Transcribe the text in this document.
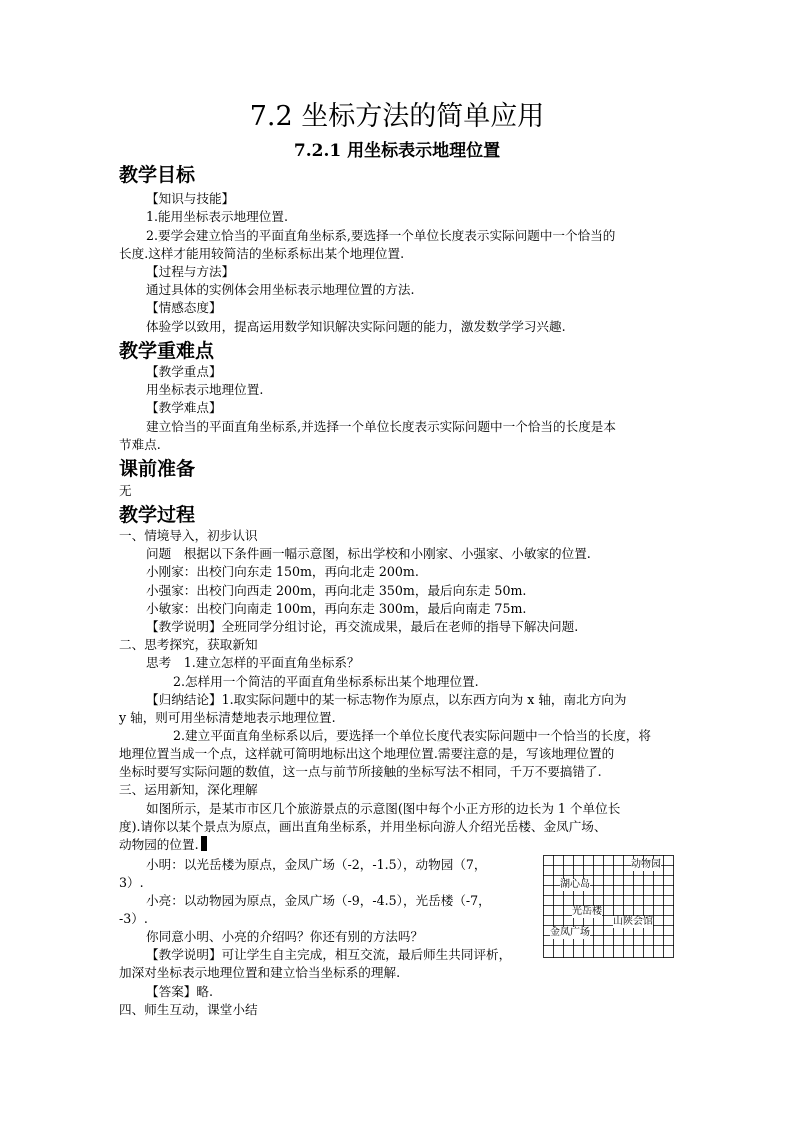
7.2 坐标方法的简单应用
7.2.1 用坐标表示地理位置
教学目标
【知识与技能】
1.能用坐标表示地理位置.
2.要学会建立恰当的平面直角坐标系,要选择一个单位长度表示实际问题中一个恰当的
长度.这样才能用较简洁的坐标系标出某个地理位置.
【过程与方法】
通过具体的实例体会用坐标表示地理位置的方法.
【情感态度】
体验学以致用，提高运用数学知识解决实际问题的能力，激发数学学习兴趣.
教学重难点
【教学重点】
用坐标表示地理位置.
【教学难点】
建立恰当的平面直角坐标系,并选择一个单位长度表示实际问题中一个恰当的长度是本
节难点.
课前准备
无
教学过程
一、情境导入，初步认识
问题　根据以下条件画一幅示意图，标出学校和小刚家、小强家、小敏家的位置.
小刚家：出校门向东走 150m，再向北走 200m.
小强家：出校门向西走 200m，再向北走 350m，最后向东走 50m.
小敏家：出校门向南走 100m，再向东走 300m，最后向南走 75m.
【教学说明】全班同学分组讨论，再交流成果，最后在老师的指导下解决问题.
二、思考探究，获取新知
思考　1.建立怎样的平面直角坐标系？
2.怎样用一个简洁的平面直角坐标系标出某个地理位置.
【归纳结论】1.取实际问题中的某一标志物作为原点，以东西方向为 x 轴，南北方向为
y 轴，则可用坐标清楚地表示地理位置.
2.建立平面直角坐标系以后，要选择一个单位长度代表实际问题中一个恰当的长度，将
地理位置当成一个点，这样就可简明地标出这个地理位置.需要注意的是，写该地理位置的
坐标时要写实际问题的数值，这一点与前节所接触的坐标写法不相同，千万不要搞错了.
三、运用新知，深化理解
如图所示，是某市市区几个旅游景点的示意图(图中每个小正方形的边长为 1 个单位长
度).请你以某个景点为原点，画出直角坐标系，并用坐标向游人介绍光岳楼、金凤广场、
动物园的位置.
小明：以光岳楼为原点，金凤广场（-2，-1.5），动物园（7，
3）.
小亮：以动物园为原点，金凤广场（-9，-4.5），光岳楼（-7，
-3）.
你同意小明、小亮的介绍吗？你还有别的方法吗？
【教学说明】可让学生自主完成，相互交流，最后师生共同评析，
加深对坐标表示地理位置和建立恰当坐标系的理解.
【答案】略.
四、师生互动，课堂小结
动物园
湖心岛
光岳楼
山陕会馆
金凤广场
